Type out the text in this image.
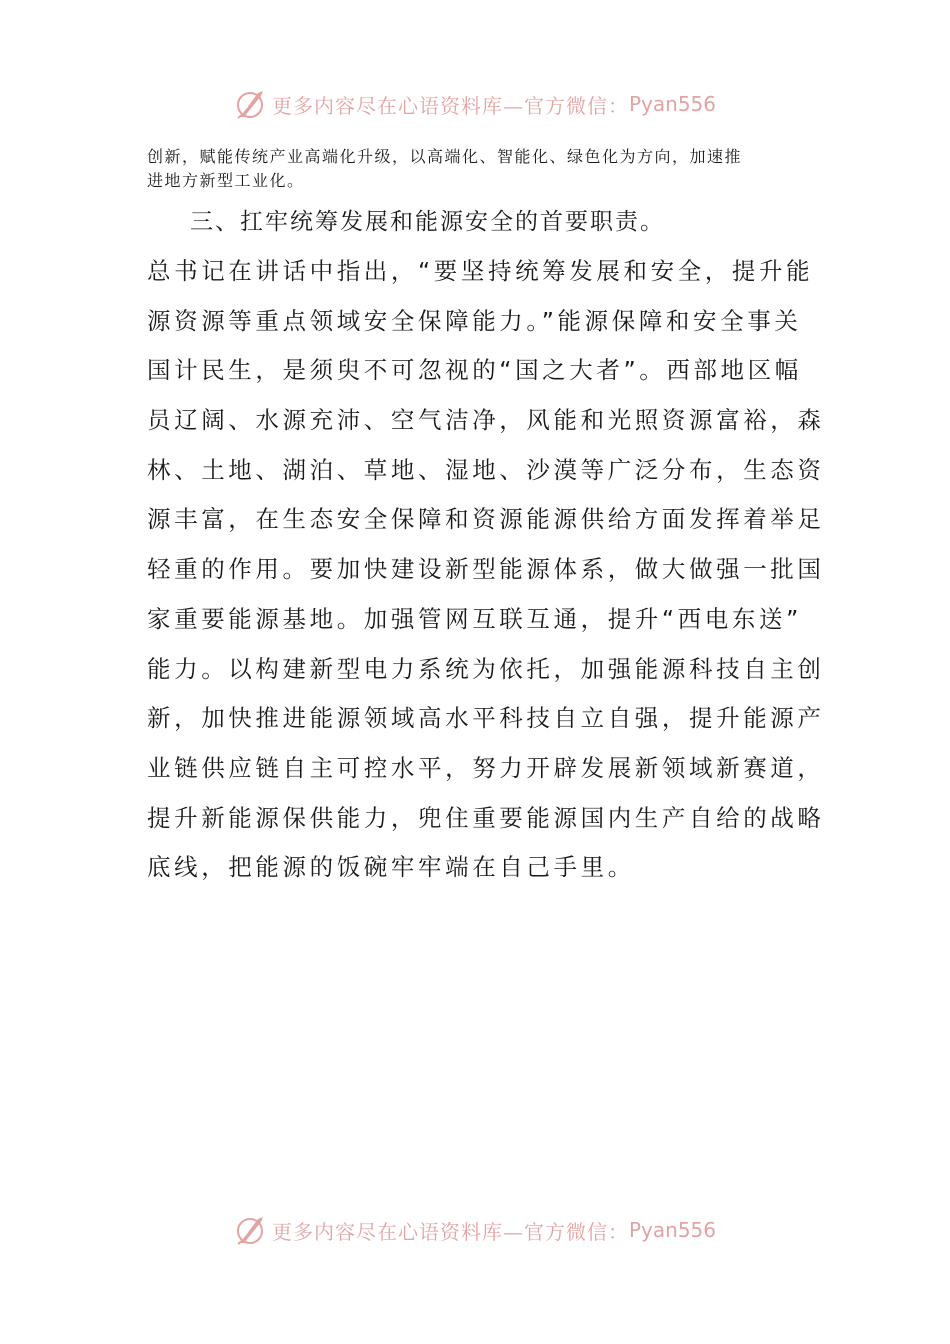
更多内容尽在心语资料库—官方微信： Pyan556
创新，赋能传统产业高端化升级，以高端化、智能化、绿色化为方向，加速推
进地方新型工业化。
三、扛牢统筹发展和能源安全的首要职责。
总书记在讲话中指出，“要坚持统筹发展和安全，提升能
源资源等重点领域安全保障能力。”能源保障和安全事关
国计民生，是须臾不可忽视的“国之大者”。西部地区幅
员辽阔、水源充沛、空气洁净，风能和光照资源富裕，森
林、土地、湖泊、草地、湿地、沙漠等广泛分布，生态资
源丰富，在生态安全保障和资源能源供给方面发挥着举足
轻重的作用。要加快建设新型能源体系，做大做强一批国
家重要能源基地。加强管网互联互通，提升“西电东送”
能力。以构建新型电力系统为依托，加强能源科技自主创
新，加快推进能源领域高水平科技自立自强，提升能源产
业链供应链自主可控水平，努力开辟发展新领域新赛道，
提升新能源保供能力，兜住重要能源国内生产自给的战略
底线，把能源的饭碗牢牢端在自己手里。
更多内容尽在心语资料库—官方微信： Pyan556
